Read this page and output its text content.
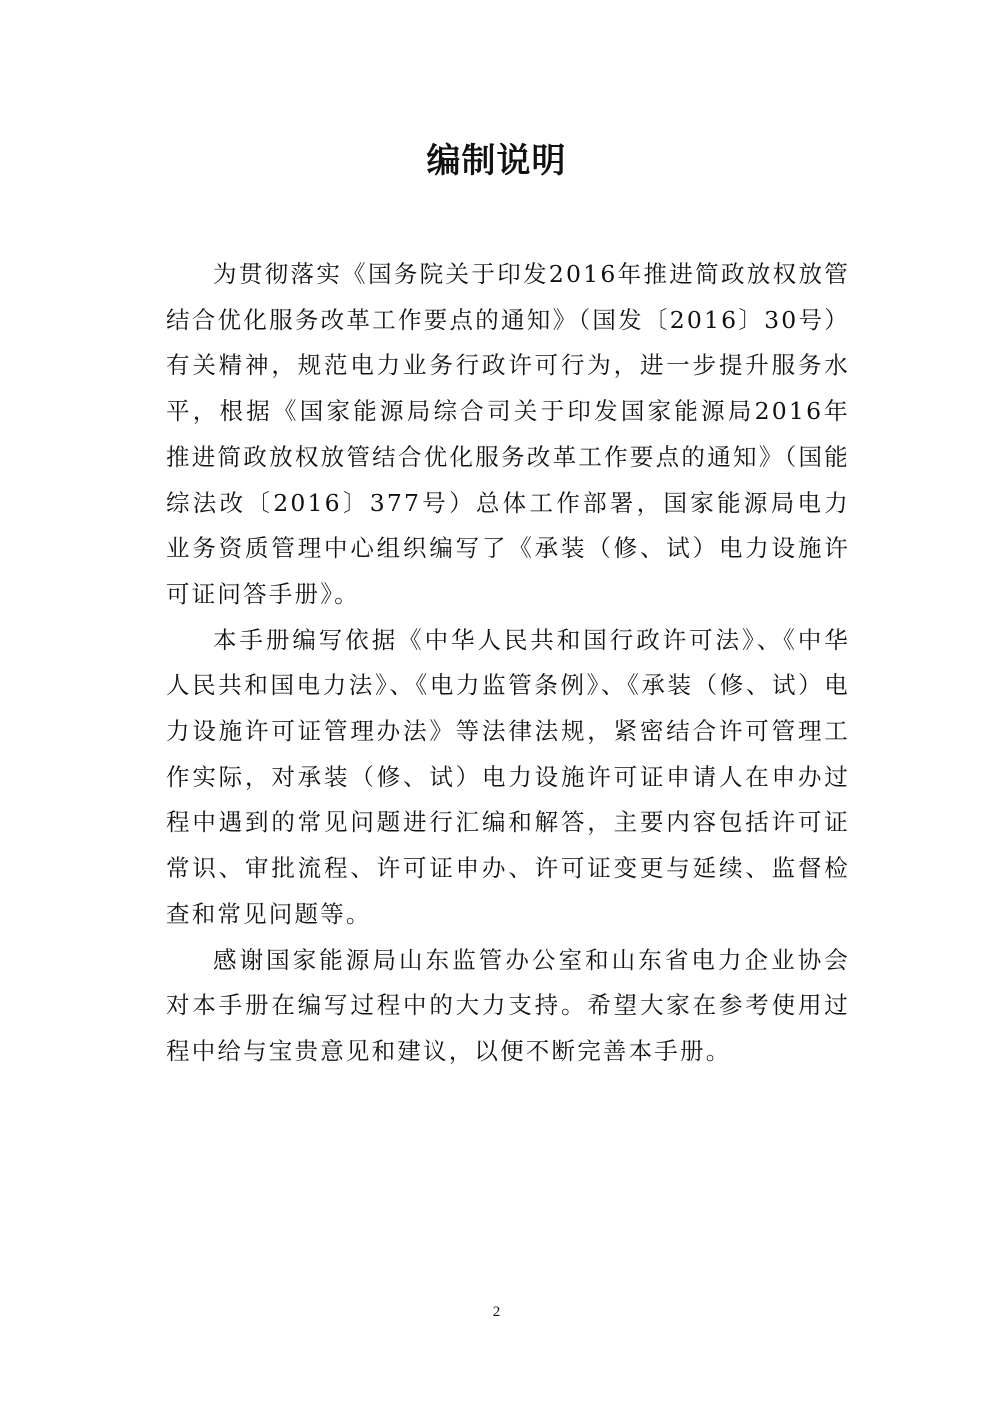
编制说明

为贯彻落实《国务院关于印发2016年推进简政放权放管结合优化服务改革工作要点的通知》（国发〔2016〕30号）有关精神，规范电力业务行政许可行为，进一步提升服务水平，根据《国家能源局综合司关于印发国家能源局2016年推进简政放权放管结合优化服务改革工作要点的通知》（国能综法改〔2016〕377号）总体工作部署，国家能源局电力业务资质管理中心组织编写了《承装（修、试）电力设施许可证问答手册》。

本手册编写依据《中华人民共和国行政许可法》、《中华人民共和国电力法》、《电力监管条例》、《承装（修、试）电力设施许可证管理办法》等法律法规，紧密结合许可管理工作实际，对承装（修、试）电力设施许可证申请人在申办过程中遇到的常见问题进行汇编和解答，主要内容包括许可证常识、审批流程、许可证申办、许可证变更与延续、监督检查和常见问题等。

感谢国家能源局山东监管办公室和山东省电力企业协会对本手册在编写过程中的大力支持。希望大家在参考使用过程中给与宝贵意见和建议，以便不断完善本手册。

2
